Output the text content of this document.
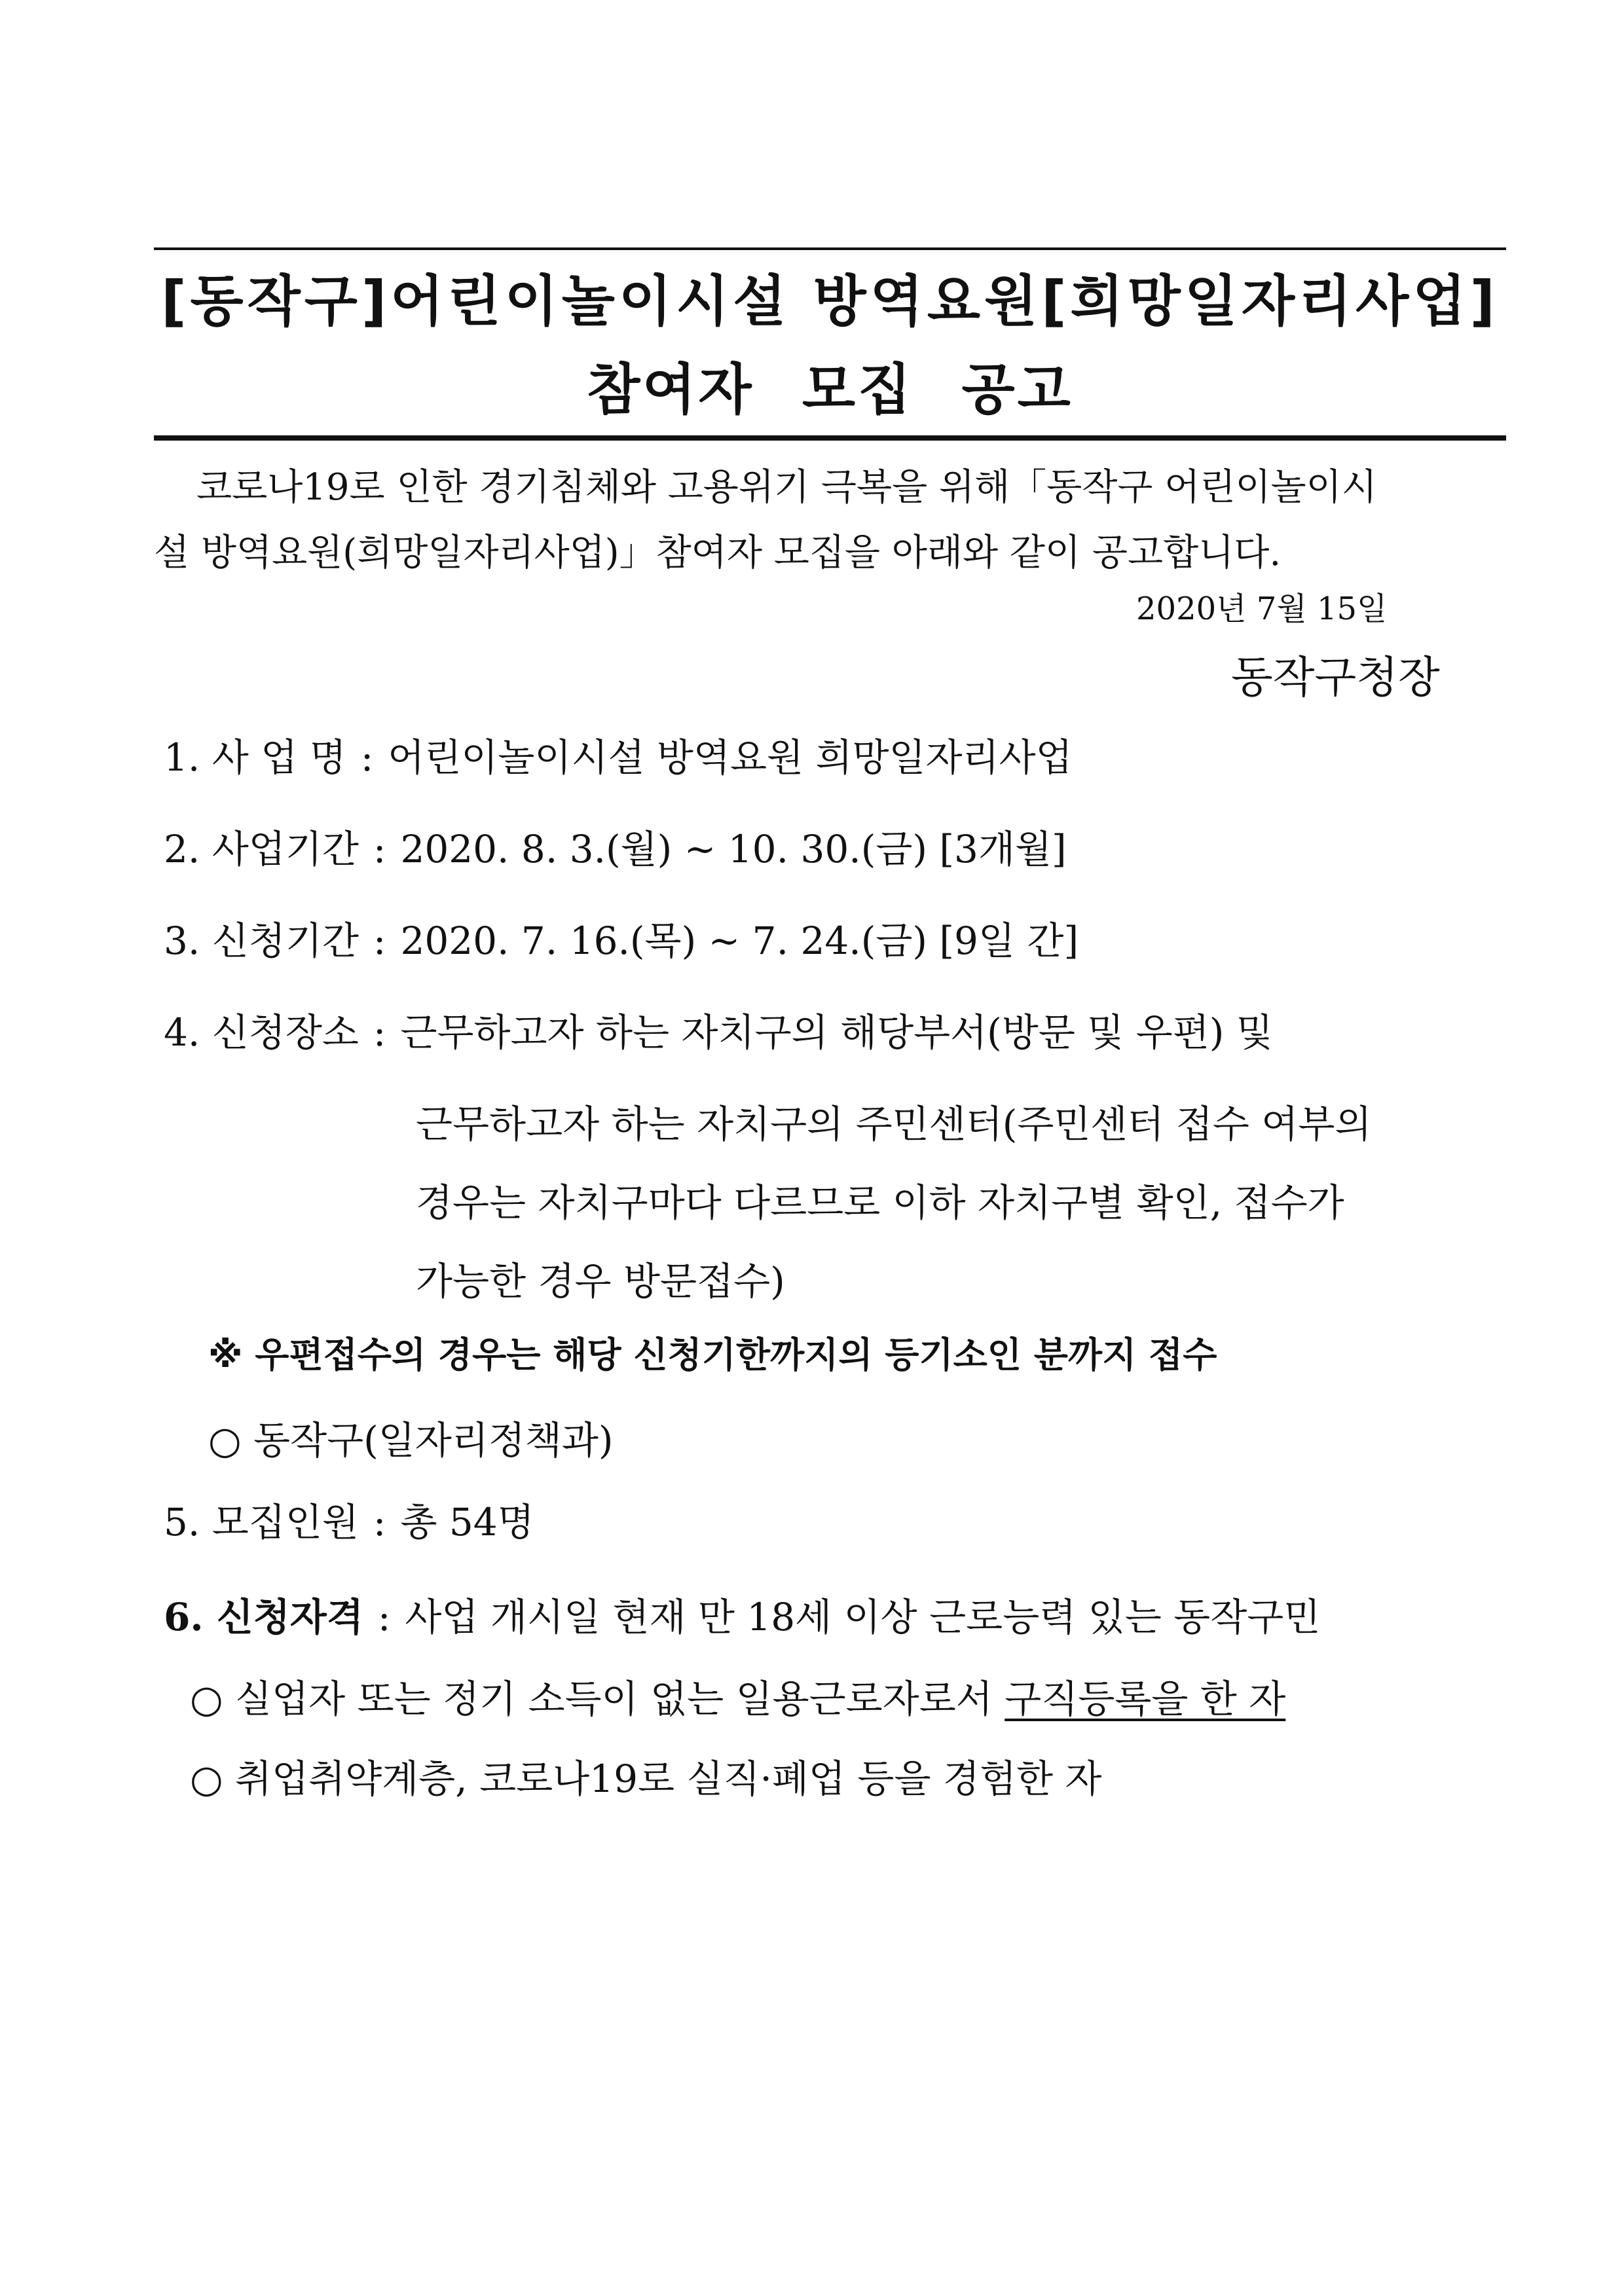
[동작구]어린이놀이시설 방역요원[희망일자리사업]
참여자 모집 공고
코로나19로 인한 경기침체와 고용위기 극복을 위해「동작구 어린이놀이시
설 방역요원(희망일자리사업)」참여자 모집을 아래와 같이 공고합니다.
2020년 7월 15일
동작구청장
1. 사 업 명 : 어린이놀이시설 방역요원 희망일자리사업
2. 사업기간 : 2020. 8. 3.(월) ~ 10. 30.(금) [3개월]
3. 신청기간 : 2020. 7. 16.(목) ~ 7. 24.(금) [9일 간]
4. 신청장소 : 근무하고자 하는 자치구의 해당부서(방문 및 우편) 및
근무하고자 하는 자치구의 주민센터(주민센터 접수 여부의
경우는 자치구마다 다르므로 이하 자치구별 확인, 접수가
가능한 경우 방문접수)
※ 우편접수의 경우는 해당 신청기한까지의 등기소인 분까지 접수
○ 동작구(일자리정책과)
5. 모집인원 : 총 54명
6. 신청자격 : 사업 개시일 현재 만 18세 이상 근로능력 있는 동작구민
○ 실업자 또는 정기 소득이 없는 일용근로자로서 구직등록을 한 자
○ 취업취약계층, 코로나19로 실직·폐업 등을 경험한 자
